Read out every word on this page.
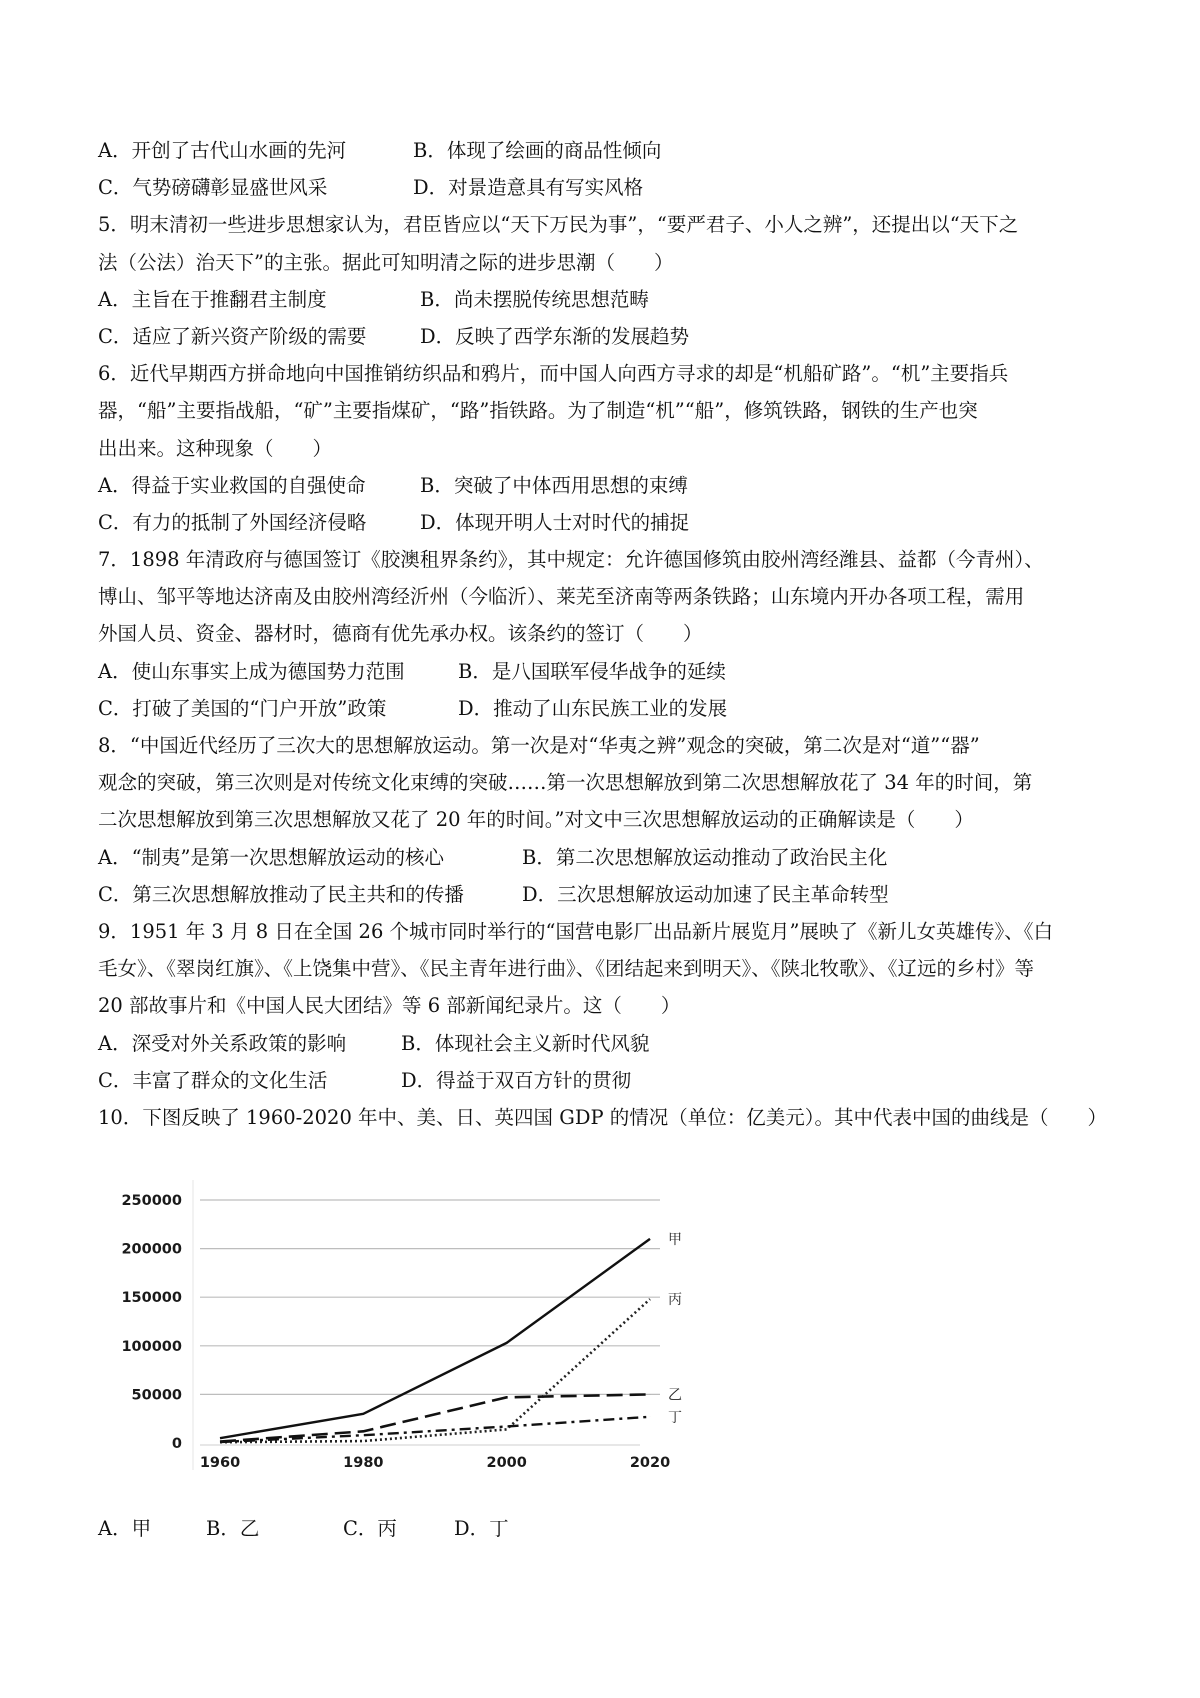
A．开创了古代山水画的先河	B．体现了绘画的商品性倾向
C．气势磅礴彰显盛世风采	D．对景造意具有写实风格
5．明末清初一些进步思想家认为，君臣皆应以“天下万民为事”，“要严君子、小人之辨”，还提出以“天下之
法（公法）治天下”的主张。据此可知明清之际的进步思潮（　　）
A．主旨在于推翻君主制度	B．尚未摆脱传统思想范畴
C．适应了新兴资产阶级的需要	D．反映了西学东渐的发展趋势
6．近代早期西方拼命地向中国推销纺织品和鸦片，而中国人向西方寻求的却是“机船矿路”。“机”主要指兵
器，“船”主要指战船，“矿”主要指煤矿，“路”指铁路。为了制造“机”“船”，修筑铁路，钢铁的生产也突
出出来。这种现象（　　）
A．得益于实业救国的自强使命	B．突破了中体西用思想的束缚
C．有力的抵制了外国经济侵略	D．体现开明人士对时代的捕捉
7．1898 年清政府与德国签订《胶澳租界条约》，其中规定：允许德国修筑由胶州湾经潍县、益都（今青州）、
博山、邹平等地达济南及由胶州湾经沂州（今临沂）、莱芜至济南等两条铁路；山东境内开办各项工程，需用
外国人员、资金、器材时，德商有优先承办权。该条约的签订（　　）
A．使山东事实上成为德国势力范围	B．是八国联军侵华战争的延续
C．打破了美国的“门户开放”政策	D．推动了山东民族工业的发展
8．“中国近代经历了三次大的思想解放运动。第一次是对“华夷之辨”观念的突破，第二次是对“道”“器”
观念的突破，第三次则是对传统文化束缚的突破……第一次思想解放到第二次思想解放花了 34 年的时间，第
二次思想解放到第三次思想解放又花了 20 年的时间。”对文中三次思想解放运动的正确解读是（　　）
A．“制夷”是第一次思想解放运动的核心	B．第二次思想解放运动推动了政治民主化
C．第三次思想解放推动了民主共和的传播	D．三次思想解放运动加速了民主革命转型
9．1951 年 3 月 8 日在全国 26 个城市同时举行的“国营电影厂出品新片展览月”展映了《新儿女英雄传》、《白
毛女》、《翠岗红旗》、《上饶集中营》、《民主青年进行曲》、《团结起来到明天》、《陕北牧歌》、《辽远的乡村》等
20 部故事片和《中国人民大团结》等 6 部新闻纪录片。这（　　）
A．深受对外关系政策的影响	B．体现社会主义新时代风貌
C．丰富了群众的文化生活	D．得益于双百方针的贯彻
10．下图反映了 1960-2020 年中、美、日、英四国 GDP 的情况（单位：亿美元）。其中代表中国的曲线是（　　）
0
50000
100000
150000
200000
250000
1960	1980	2000	2020
甲
丙
乙
丁
A．甲	B．乙	C．丙	D．丁
